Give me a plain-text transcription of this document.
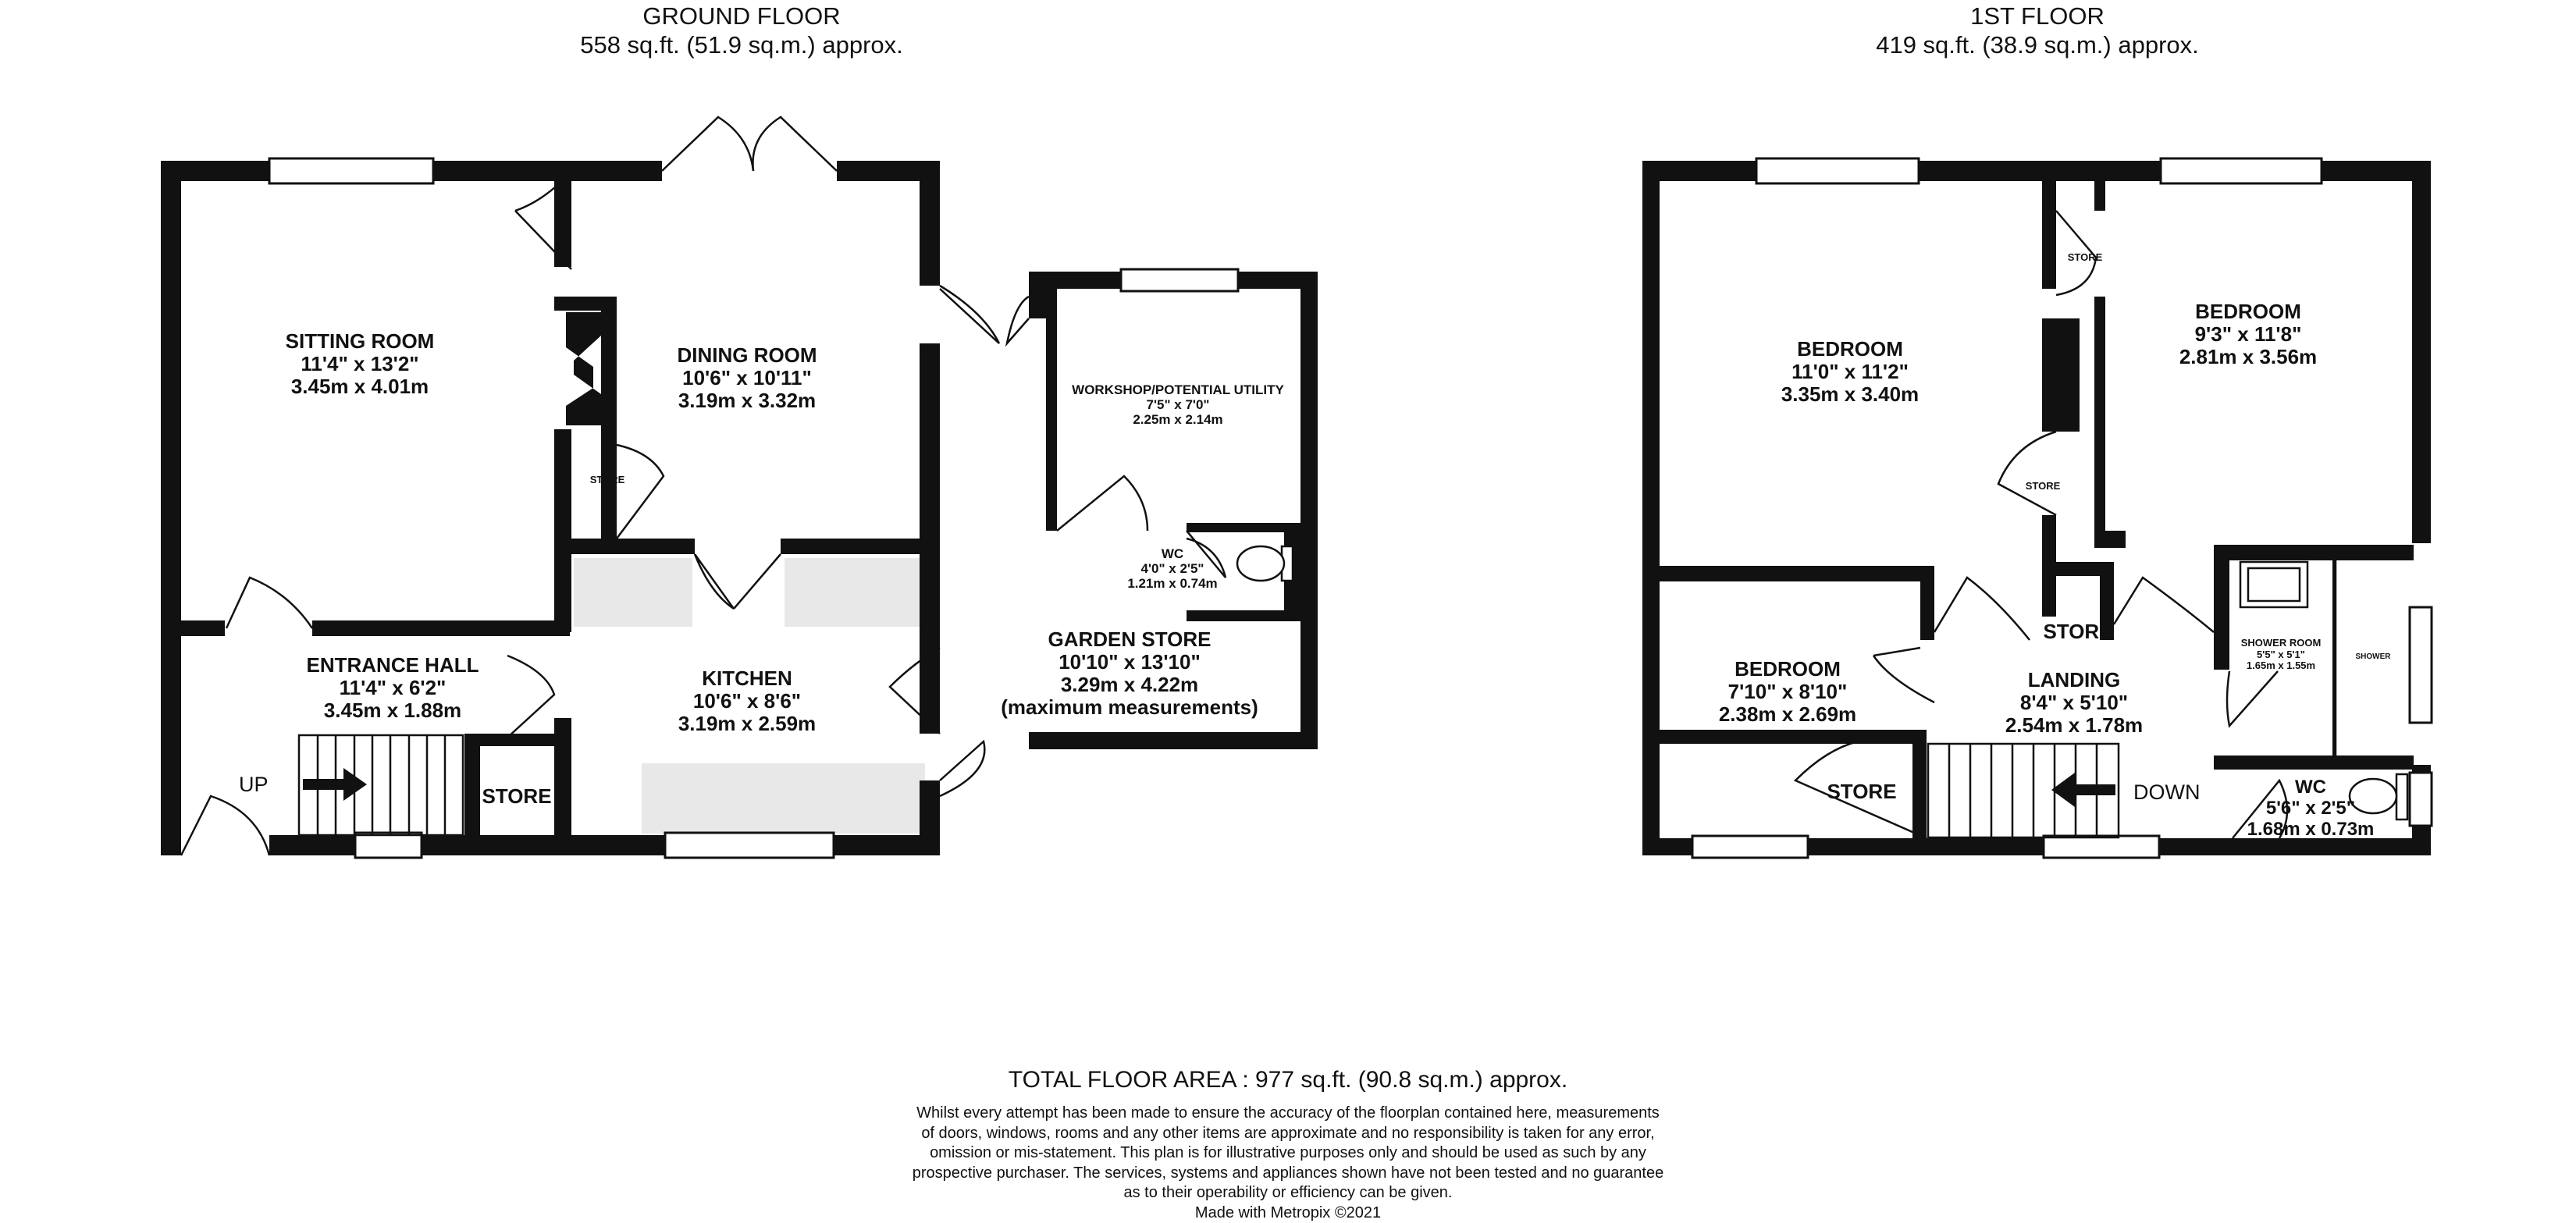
GROUND FLOOR
558 sq.ft. (51.9 sq.m.) approx.
1ST FLOOR
419 sq.ft. (38.9 sq.m.) approx.
SITTING ROOM
11'4" x 13'2"
3.45m x 4.01m
DINING ROOM
10'6" x 10'11"
3.19m x 3.32m
STORE
WORKSHOP/POTENTIAL UTILITY
7'5" x 7'0"
2.25m x 2.14m
WC
4'0" x 2'5"
1.21m x 0.74m
ENTRANCE HALL
11'4" x 6'2"
3.45m x 1.88m
KITCHEN
10'6" x 8'6"
3.19m x 2.59m
GARDEN STORE
10'10" x 13'10"
3.29m x 4.22m
(maximum measurements)
STORE
UP
BEDROOM
11'0" x 11'2"
3.35m x 3.40m
BEDROOM
9'3" x 11'8"
2.81m x 3.56m
STORE
STORE
STORE
BEDROOM
7'10" x 8'10"
2.38m x 2.69m
LANDING
8'4" x 5'10"
2.54m x 1.78m
SHOWER ROOM
5'5" x 5'1"
1.65m x 1.55m
SHOWER
WC
5'6" x 2'5"
1.68m x 0.73m
STORE	DOWN
TOTAL FLOOR AREA : 977 sq.ft. (90.8 sq.m.) approx.
Whilst every attempt has been made to ensure the accuracy of the floorplan contained here, measurements
of doors, windows, rooms and any other items are approximate and no responsibility is taken for any error,
omission or mis-statement. This plan is for illustrative purposes only and should be used as such by any
prospective purchaser. The services, systems and appliances shown have not been tested and no guarantee
as to their operability or efficiency can be given.
Made with Metropix ©2021
